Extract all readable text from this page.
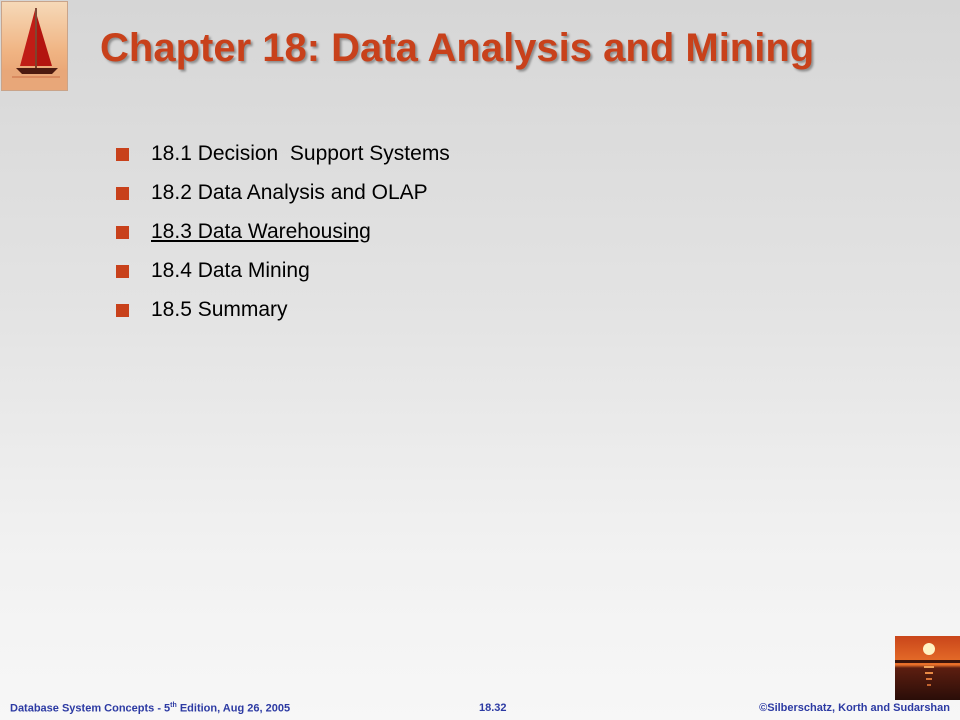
Chapter 18: Data Analysis and Mining
18.1 Decision  Support Systems
18.2 Data Analysis and OLAP
18.3 Data Warehousing
18.4 Data Mining
18.5 Summary
Database System Concepts - 5th Edition, Aug 26, 2005	18.32	©Silberschatz, Korth and Sudarshan
